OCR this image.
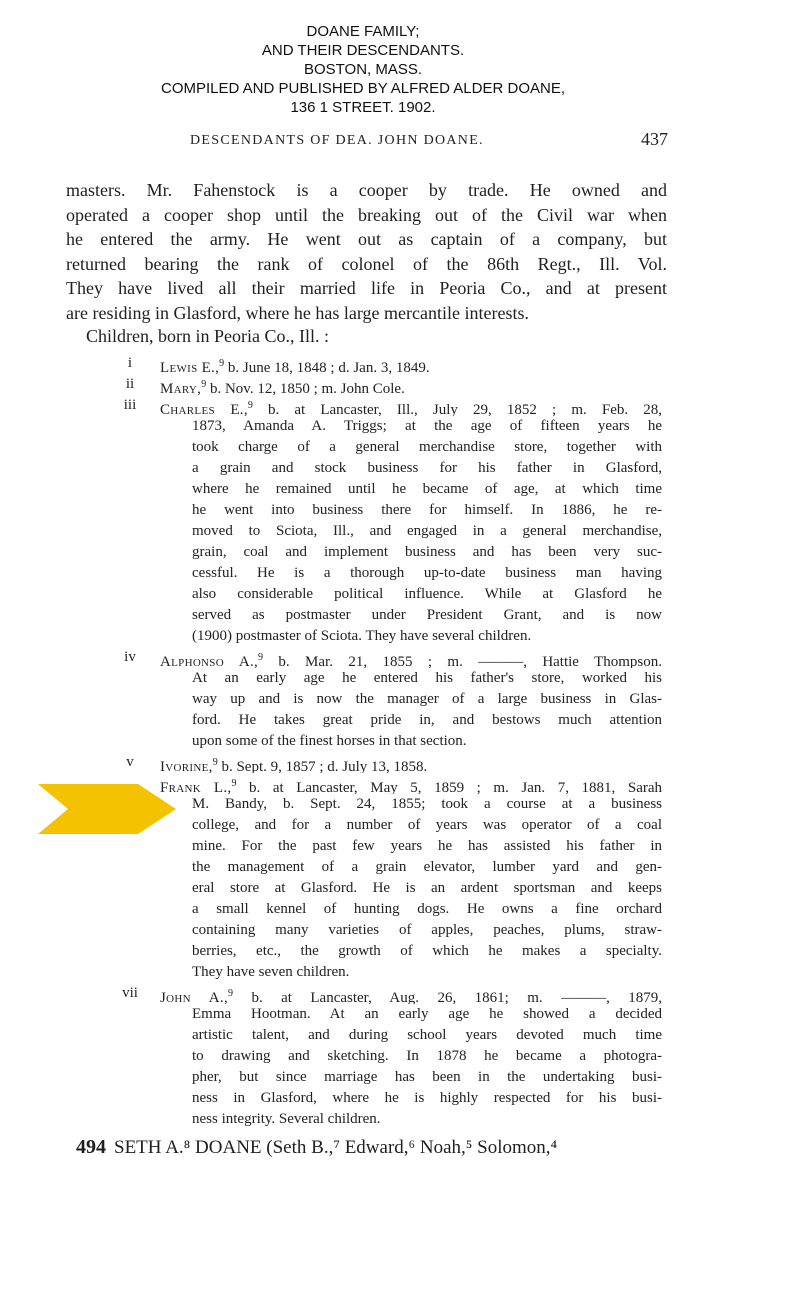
DOANE FAMILY;
AND THEIR DESCENDANTS.
BOSTON, MASS.
COMPILED AND PUBLISHED BY ALFRED ALDER DOANE,
136 1 STREET. 1902.
DESCENDANTS OF DEA. JOHN DOANE.	437
masters. Mr. Fahenstock is a cooper by trade. He owned and
operated a cooper shop until the breaking out of the Civil war when
he entered the army. He went out as captain of a company, but
returned bearing the rank of colonel of the 86th Regt., Ill. Vol.
They have lived all their married life in Peoria Co., and at present
are residing in Glasford, where he has large mercantile interests.
Children, born in Peoria Co., Ill. :
i	Lewis E.,$^9$ b. June 18, 1848 ; d. Jan. 3, 1849.
ii	Mary,$^9$ b. Nov. 12, 1850 ; m. John Cole.
iii	Charles E.,$^9$ b. at Lancaster, Ill., July 29, 1852 ; m. Feb. 28,
1873, Amanda A. Triggs; at the age of fifteen years he
took charge of a general merchandise store, together with
a grain and stock business for his father in Glasford,
where he remained until he became of age, at which time
he went into business there for himself. In 1886, he re-
moved to Sciota, Ill., and engaged in a general merchandise,
grain, coal and implement business and has been very suc-
cessful. He is a thorough up-to-date business man having
also considerable political influence. While at Glasford he
served as postmaster under President Grant, and is now
(1900) postmaster of Sciota. They have several children.
iv	Alphonso A.,$^9$ b. Mar. 21, 1855 ; m. ———, Hattie Thompson.
At an early age he entered his father's store, worked his
way up and is now the manager of a large business in Glas-
ford. He takes great pride in, and bestows much attention
upon some of the finest horses in that section.
v	Ivorine,$^9$ b. Sept. 9, 1857 ; d. July 13, 1858.
Frank L.,$^9$ b. at Lancaster, May 5, 1859 ; m. Jan. 7, 1881, Sarah
M. Bandy, b. Sept. 24, 1855; took a course at a business
college, and for a number of years was operator of a coal
mine. For the past few years he has assisted his father in
the management of a grain elevator, lumber yard and gen-
eral store at Glasford. He is an ardent sportsman and keeps
a small kennel of hunting dogs. He owns a fine orchard
containing many varieties of apples, peaches, plums, straw-
berries, etc., the growth of which he makes a specialty.
They have seven children.
vii	John A.,$^9$ b. at Lancaster, Aug. 26, 1861; m. ———, 1879,
Emma Hootman. At an early age he showed a decided
artistic talent, and during school years devoted much time
to drawing and sketching. In 1878 he became a photogra-
pher, but since marriage has been in the undertaking busi-
ness in Glasford, where he is highly respected for his busi-
ness integrity. Several children.
494 SETH A.⁸ DOANE (Seth B.,⁷ Edward,⁶ Noah,⁵ Solomon,⁴
